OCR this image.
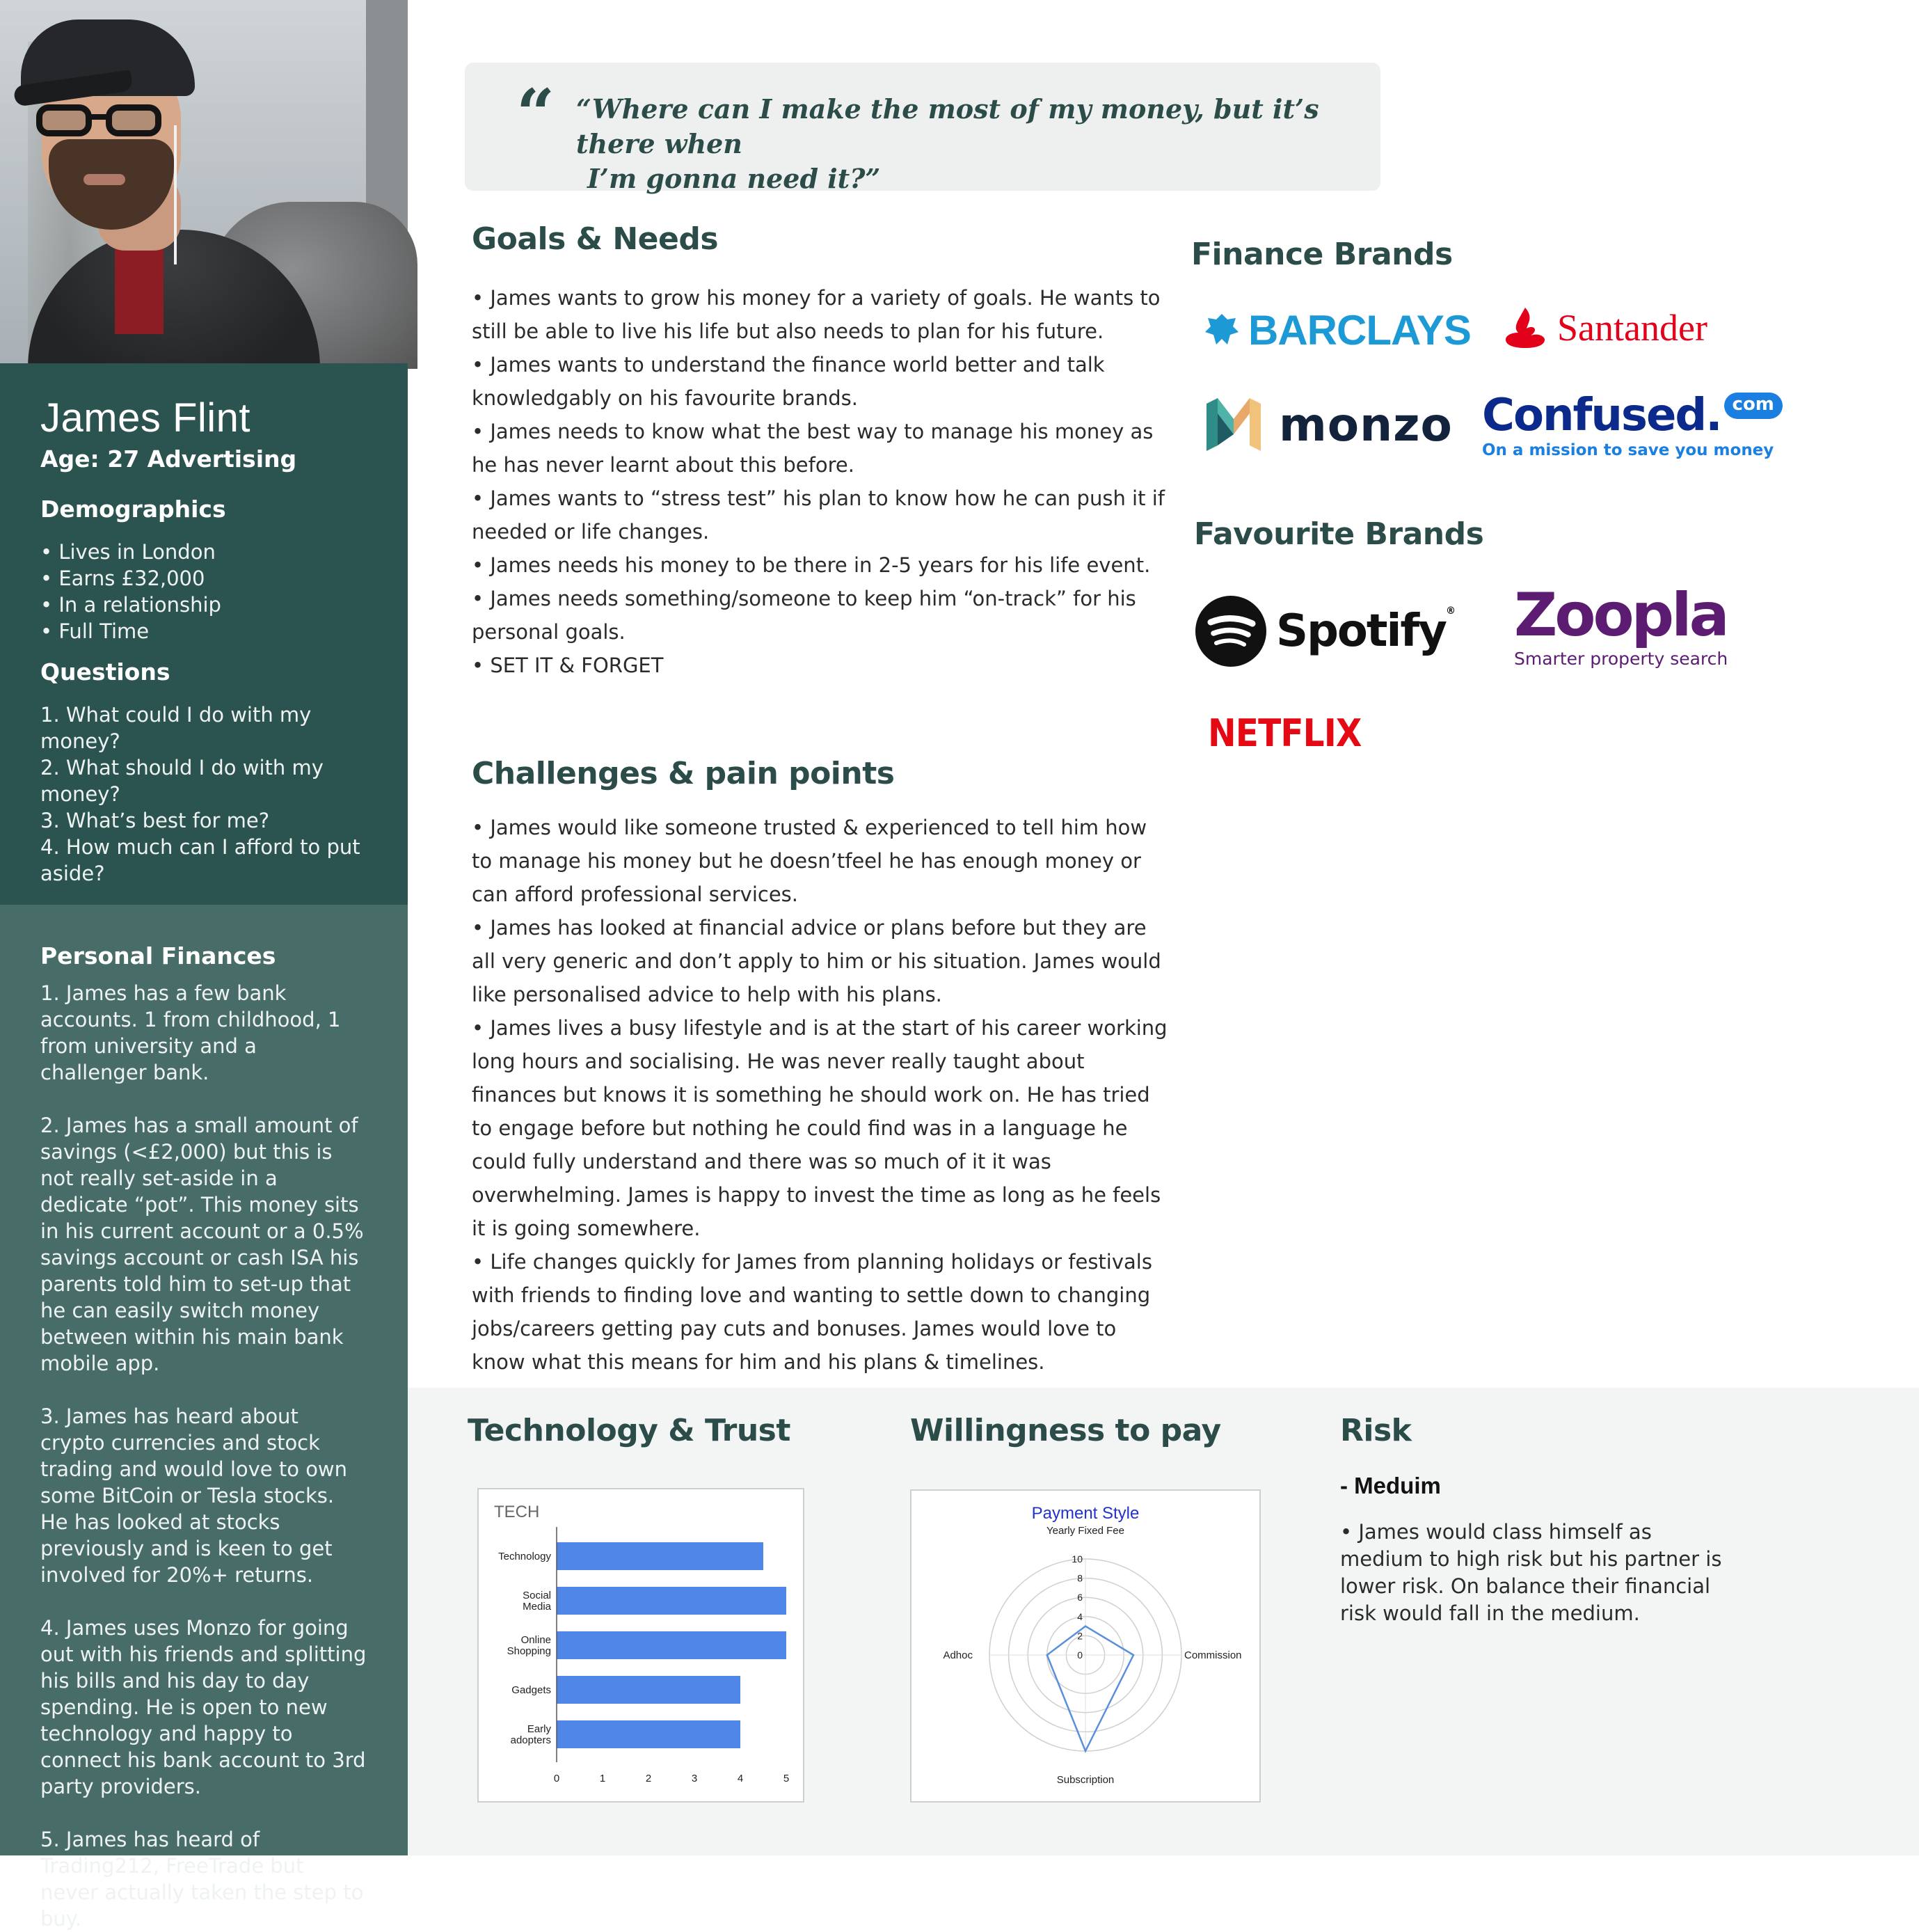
James Flint
Age: 27 Advertising
Demographics
• Lives in London
• Earns £32,000
• In a relationship
• Full Time
Questions
1. What could I do with my money?
2. What should I do with my money?
3. What’s best for me?
4. How much can I afford to put aside?
Personal Finances

1. James has a few bank accounts. 1 from childhood, 1 from university and a challenger bank.

2. James has a small amount of savings (<£2,000) but this is not really set-aside in a dedicate “pot”. This money sits in his current account or a 0.5% savings account or cash ISA his parents told him to set-up that he can easily switch money between within his main bank mobile app.

3. James has heard about crypto currencies and stock trading and would love to own some BitCoin or Tesla stocks. He has looked at stocks previously and is keen to get involved for 20%+ returns.

4. James uses Monzo for going out with his friends and splitting his bills and his day to day spending. He is open to new technology and happy to connect his bank account to 3rd party providers.

5. James has heard of Trading212, FreeTrade but never actually taken the step to buy.

“ “Where can I make the most of my money, but it’s there when
I’m gonna need it?”
Goals & Needs

• James wants to grow his money for a variety of goals. He wants to still be able to live his life but also needs to plan for his future.

• James wants to understand the finance world better and talk knowledgably on his favourite brands.

• James needs to know what the best way to manage his money as he has never learnt about this before.

• James wants to “stress test” his plan to know how he can push it if needed or life changes.

• James needs his money to be there in 2-5 years for his life event.

• James needs something/someone to keep him “on-track” for his personal goals.

• SET IT & FORGET

Challenges & pain points

• James would like someone trusted & experienced to tell him how to manage his money but he doesn’tfeel he has enough money or can afford professional services.

• James has looked at financial advice or plans before but they are all very generic and don’t apply to him or his situation. James would like personalised advice to help with his plans.

• James lives a busy lifestyle and is at the start of his career working long hours and socialising. He was never really taught about finances but knows it is something he should work on. He has tried to engage before but nothing he could find was in a language he could fully understand and there was so much of it it was overwhelming. James is happy to invest the time as long as he feels it is going somewhere.

• Life changes quickly for James from planning holidays or festivals with friends to finding love and wanting to settle down to changing jobs/careers getting pay cuts and bonuses. James would love to know what this means for him and his plans & timelines.

Finance Brands
BARCLAYS Santander
monzo Confused. com
On a mission to save you money
Favourite Brands
Spotify® Zoopla
Smarter property search
NETFLIX
Technology & Trust	Willingness to pay	Risk
- Meduim
• James would class himself as medium to high risk but his partner is lower risk. On balance their financial risk would fall in the medium.
TECH
Technology
Social
Media
Online
Shopping
Gadgets
Early
adopters
0	1	2	3	4	5
Payment Style
Yearly Fixed Fee
0
2
4
6
8
10
Commission
Subscription
Adhoc
